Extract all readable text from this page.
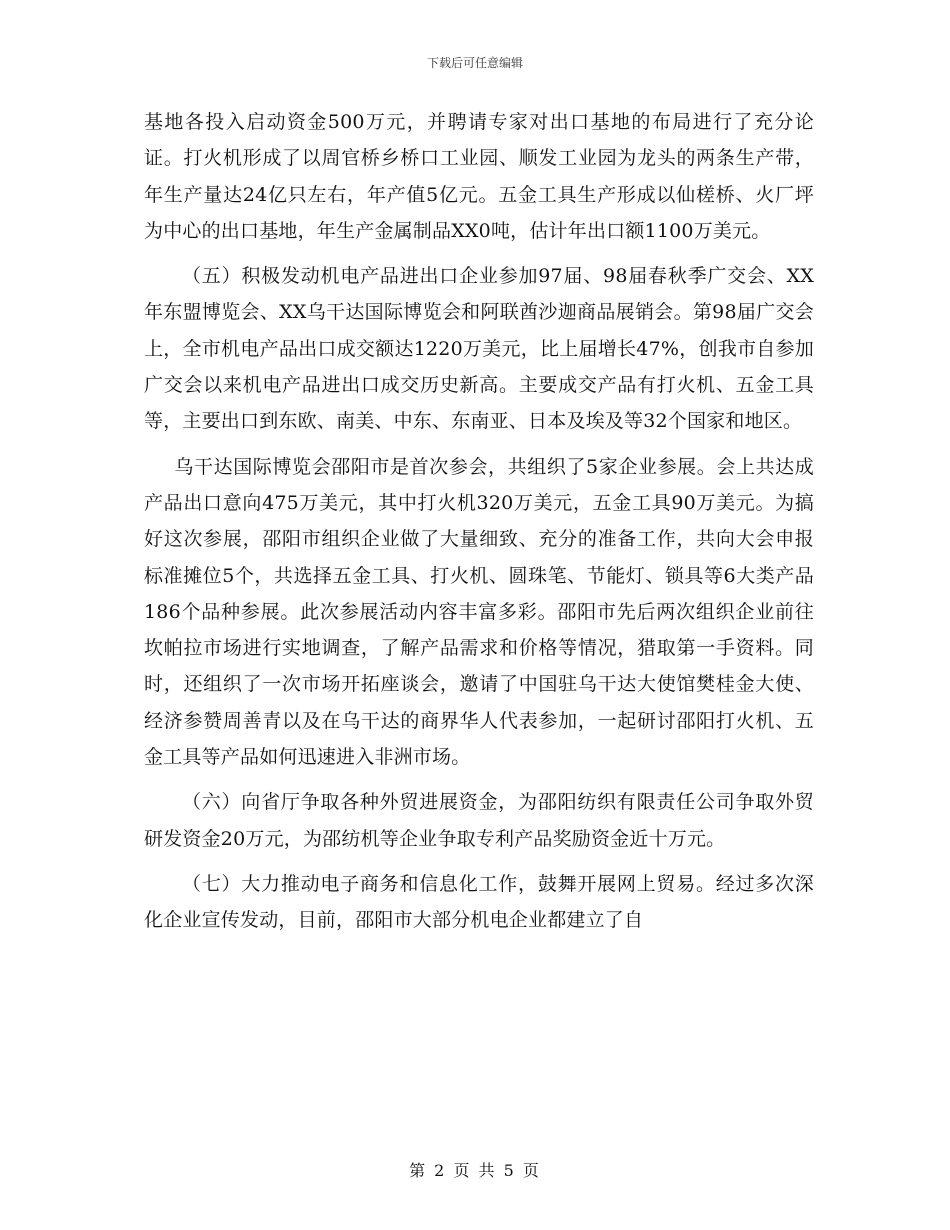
下载后可任意编辑

基地各投入启动资金500万元，并聘请专家对出口基地的布局进行了充分论证。打火机形成了以周官桥乡桥口工业园、顺发工业园为龙头的两条生产带，年生产量达24亿只左右，年产值5亿元。五金工具生产形成以仙槎桥、火厂坪为中心的出口基地，年生产金属制品XX0吨，估计年出口额1100万美元。

（五）积极发动机电产品进出口企业参加97届、98届春秋季广交会、XX年东盟博览会、XX乌干达国际博览会和阿联酋沙迦商品展销会。第98届广交会上，全市机电产品出口成交额达1220万美元，比上届增长47%，创我市自参加广交会以来机电产品进出口成交历史新高。主要成交产品有打火机、五金工具等，主要出口到东欧、南美、中东、东南亚、日本及埃及等32个国家和地区。

乌干达国际博览会邵阳市是首次参会，共组织了5家企业参展。会上共达成产品出口意向475万美元，其中打火机320万美元，五金工具90万美元。为搞好这次参展，邵阳市组织企业做了大量细致、充分的准备工作，共向大会申报标准摊位5个，共选择五金工具、打火机、圆珠笔、节能灯、锁具等6大类产品186个品种参展。此次参展活动内容丰富多彩。邵阳市先后两次组织企业前往坎帕拉市场进行实地调查，了解产品需求和价格等情况，猎取第一手资料。同时，还组织了一次市场开拓座谈会，邀请了中国驻乌干达大使馆樊桂金大使、经济参赞周善青以及在乌干达的商界华人代表参加，一起研讨邵阳打火机、五金工具等产品如何迅速进入非洲市场。

（六）向省厅争取各种外贸进展资金，为邵阳纺织有限责任公司争取外贸研发资金20万元，为邵纺机等企业争取专利产品奖励资金近十万元。

（七）大力推动电子商务和信息化工作，鼓舞开展网上贸易。经过多次深化企业宣传发动，目前，邵阳市大部分机电企业都建立了自

第 2 页 共 5 页
